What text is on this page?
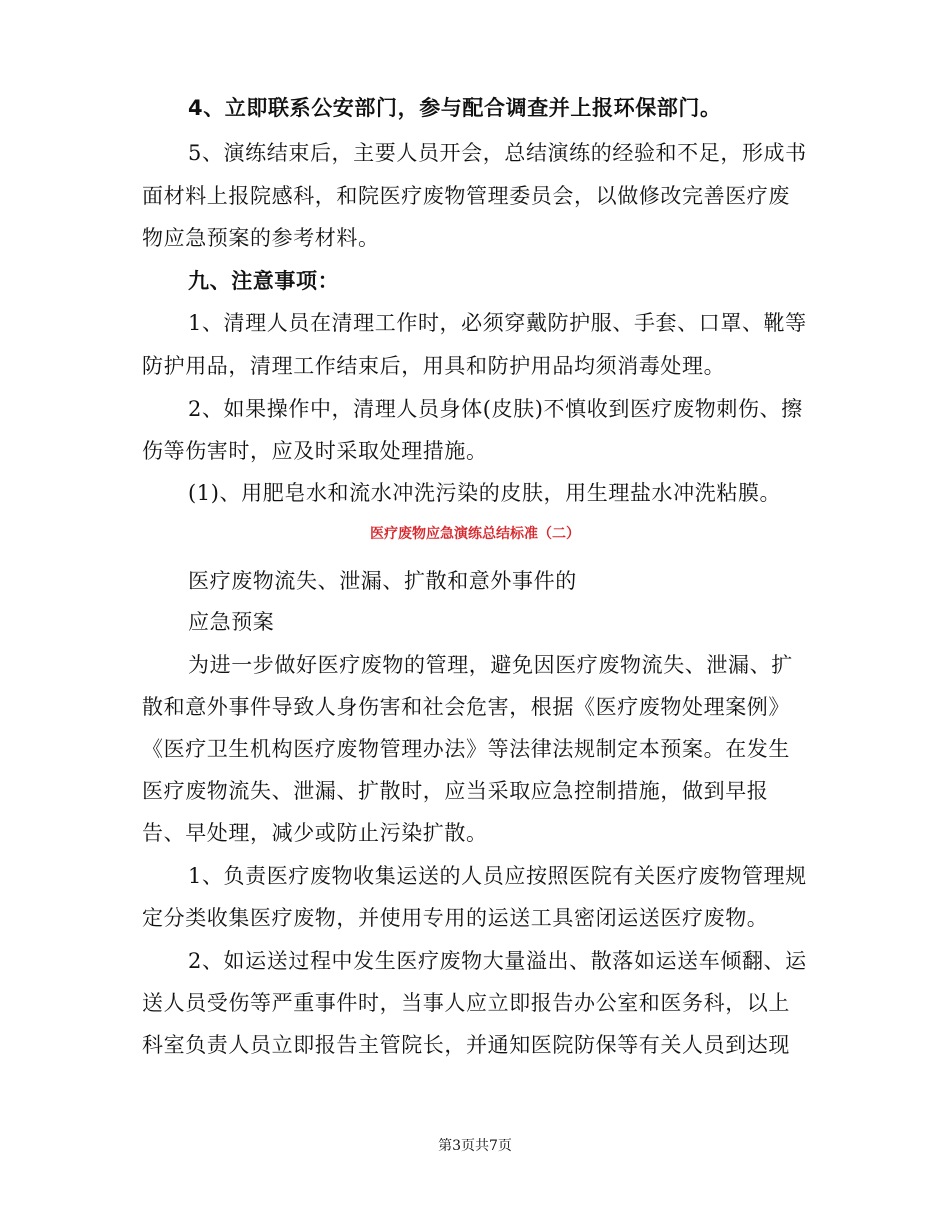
4、立即联系公安部门，参与配合调查并上报环保部门。
5、演练结束后，主要人员开会，总结演练的经验和不足，形成书
面材料上报院感科，和院医疗废物管理委员会，以做修改完善医疗废
物应急预案的参考材料。
九、注意事项：
1、清理人员在清理工作时，必须穿戴防护服、手套、口罩、靴等
防护用品，清理工作结束后，用具和防护用品均须消毒处理。
2、如果操作中，清理人员身体(皮肤)不慎收到医疗废物刺伤、擦
伤等伤害时，应及时采取处理措施。
(1)、用肥皂水和流水冲洗污染的皮肤，用生理盐水冲洗粘膜。
医疗废物应急演练总结标准（二）
医疗废物流失、泄漏、扩散和意外事件的
应急预案
为进一步做好医疗废物的管理，避免因医疗废物流失、泄漏、扩
散和意外事件导致人身伤害和社会危害，根据《医疗废物处理案例》
《医疗卫生机构医疗废物管理办法》等法律法规制定本预案。在发生
医疗废物流失、泄漏、扩散时，应当采取应急控制措施，做到早报
告、早处理，减少或防止污染扩散。
1、负责医疗废物收集运送的人员应按照医院有关医疗废物管理规
定分类收集医疗废物，并使用专用的运送工具密闭运送医疗废物。
2、如运送过程中发生医疗废物大量溢出、散落如运送车倾翻、运
送人员受伤等严重事件时，当事人应立即报告办公室和医务科，以上
科室负责人员立即报告主管院长，并通知医院防保等有关人员到达现
第3页共7页
